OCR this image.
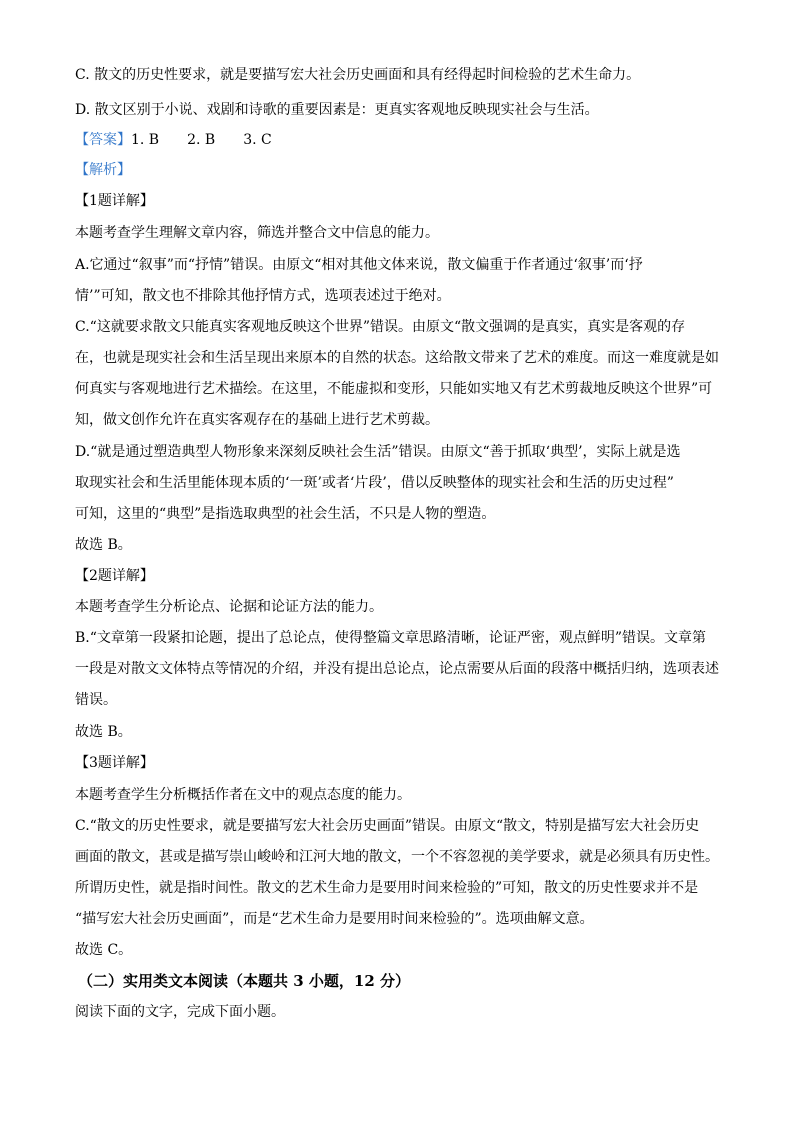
C. 散文的历史性要求，就是要描写宏大社会历史画面和具有经得起时间检验的艺术生命力。
D. 散文区别于小说、戏剧和诗歌的重要因素是：更真实客观地反映现实社会与生活。
【答案】1. B 2. B 3. C
【解析】
【1题详解】
本题考查学生理解文章内容，筛选并整合文中信息的能力。
A.它通过“叙事”而“抒情”错误。由原文“相对其他文体来说，散文偏重于作者通过‘叙事’而‘抒
情’”可知，散文也不排除其他抒情方式，选项表述过于绝对。
C.“这就要求散文只能真实客观地反映这个世界”错误。由原文“散文强调的是真实，真实是客观的存
在，也就是现实社会和生活呈现出来原本的自然的状态。这给散文带来了艺术的难度。而这一难度就是如
何真实与客观地进行艺术描绘。在这里，不能虚拟和变形，只能如实地又有艺术剪裁地反映这个世界”可
知，做文创作允许在真实客观存在的基础上进行艺术剪裁。
D.“就是通过塑造典型人物形象来深刻反映社会生活”错误。由原文“善于抓取‘典型’，实际上就是选
取现实社会和生活里能体现本质的‘一斑’或者‘片段’，借以反映整体的现实社会和生活的历史过程”
可知，这里的“典型”是指选取典型的社会生活，不只是人物的塑造。
故选 B。
【2题详解】
本题考查学生分析论点、论据和论证方法的能力。
B.“文章第一段紧扣论题，提出了总论点，使得整篇文章思路清晰，论证严密，观点鲜明”错误。文章第
一段是对散文文体特点等情况的介绍，并没有提出总论点，论点需要从后面的段落中概括归纳，选项表述
错误。
故选 B。
【3题详解】
本题考查学生分析概括作者在文中的观点态度的能力。
C.“散文的历史性要求，就是要描写宏大社会历史画面”错误。由原文“散文，特别是描写宏大社会历史
画面的散文，甚或是描写崇山峻岭和江河大地的散文，一个不容忽视的美学要求，就是必须具有历史性。
所谓历史性，就是指时间性。散文的艺术生命力是要用时间来检验的”可知，散文的历史性要求并不是
“描写宏大社会历史画面”，而是“艺术生命力是要用时间来检验的”。选项曲解文意。
故选 C。
（二）实用类文本阅读（本题共 3 小题，12 分）
阅读下面的文字，完成下面小题。
